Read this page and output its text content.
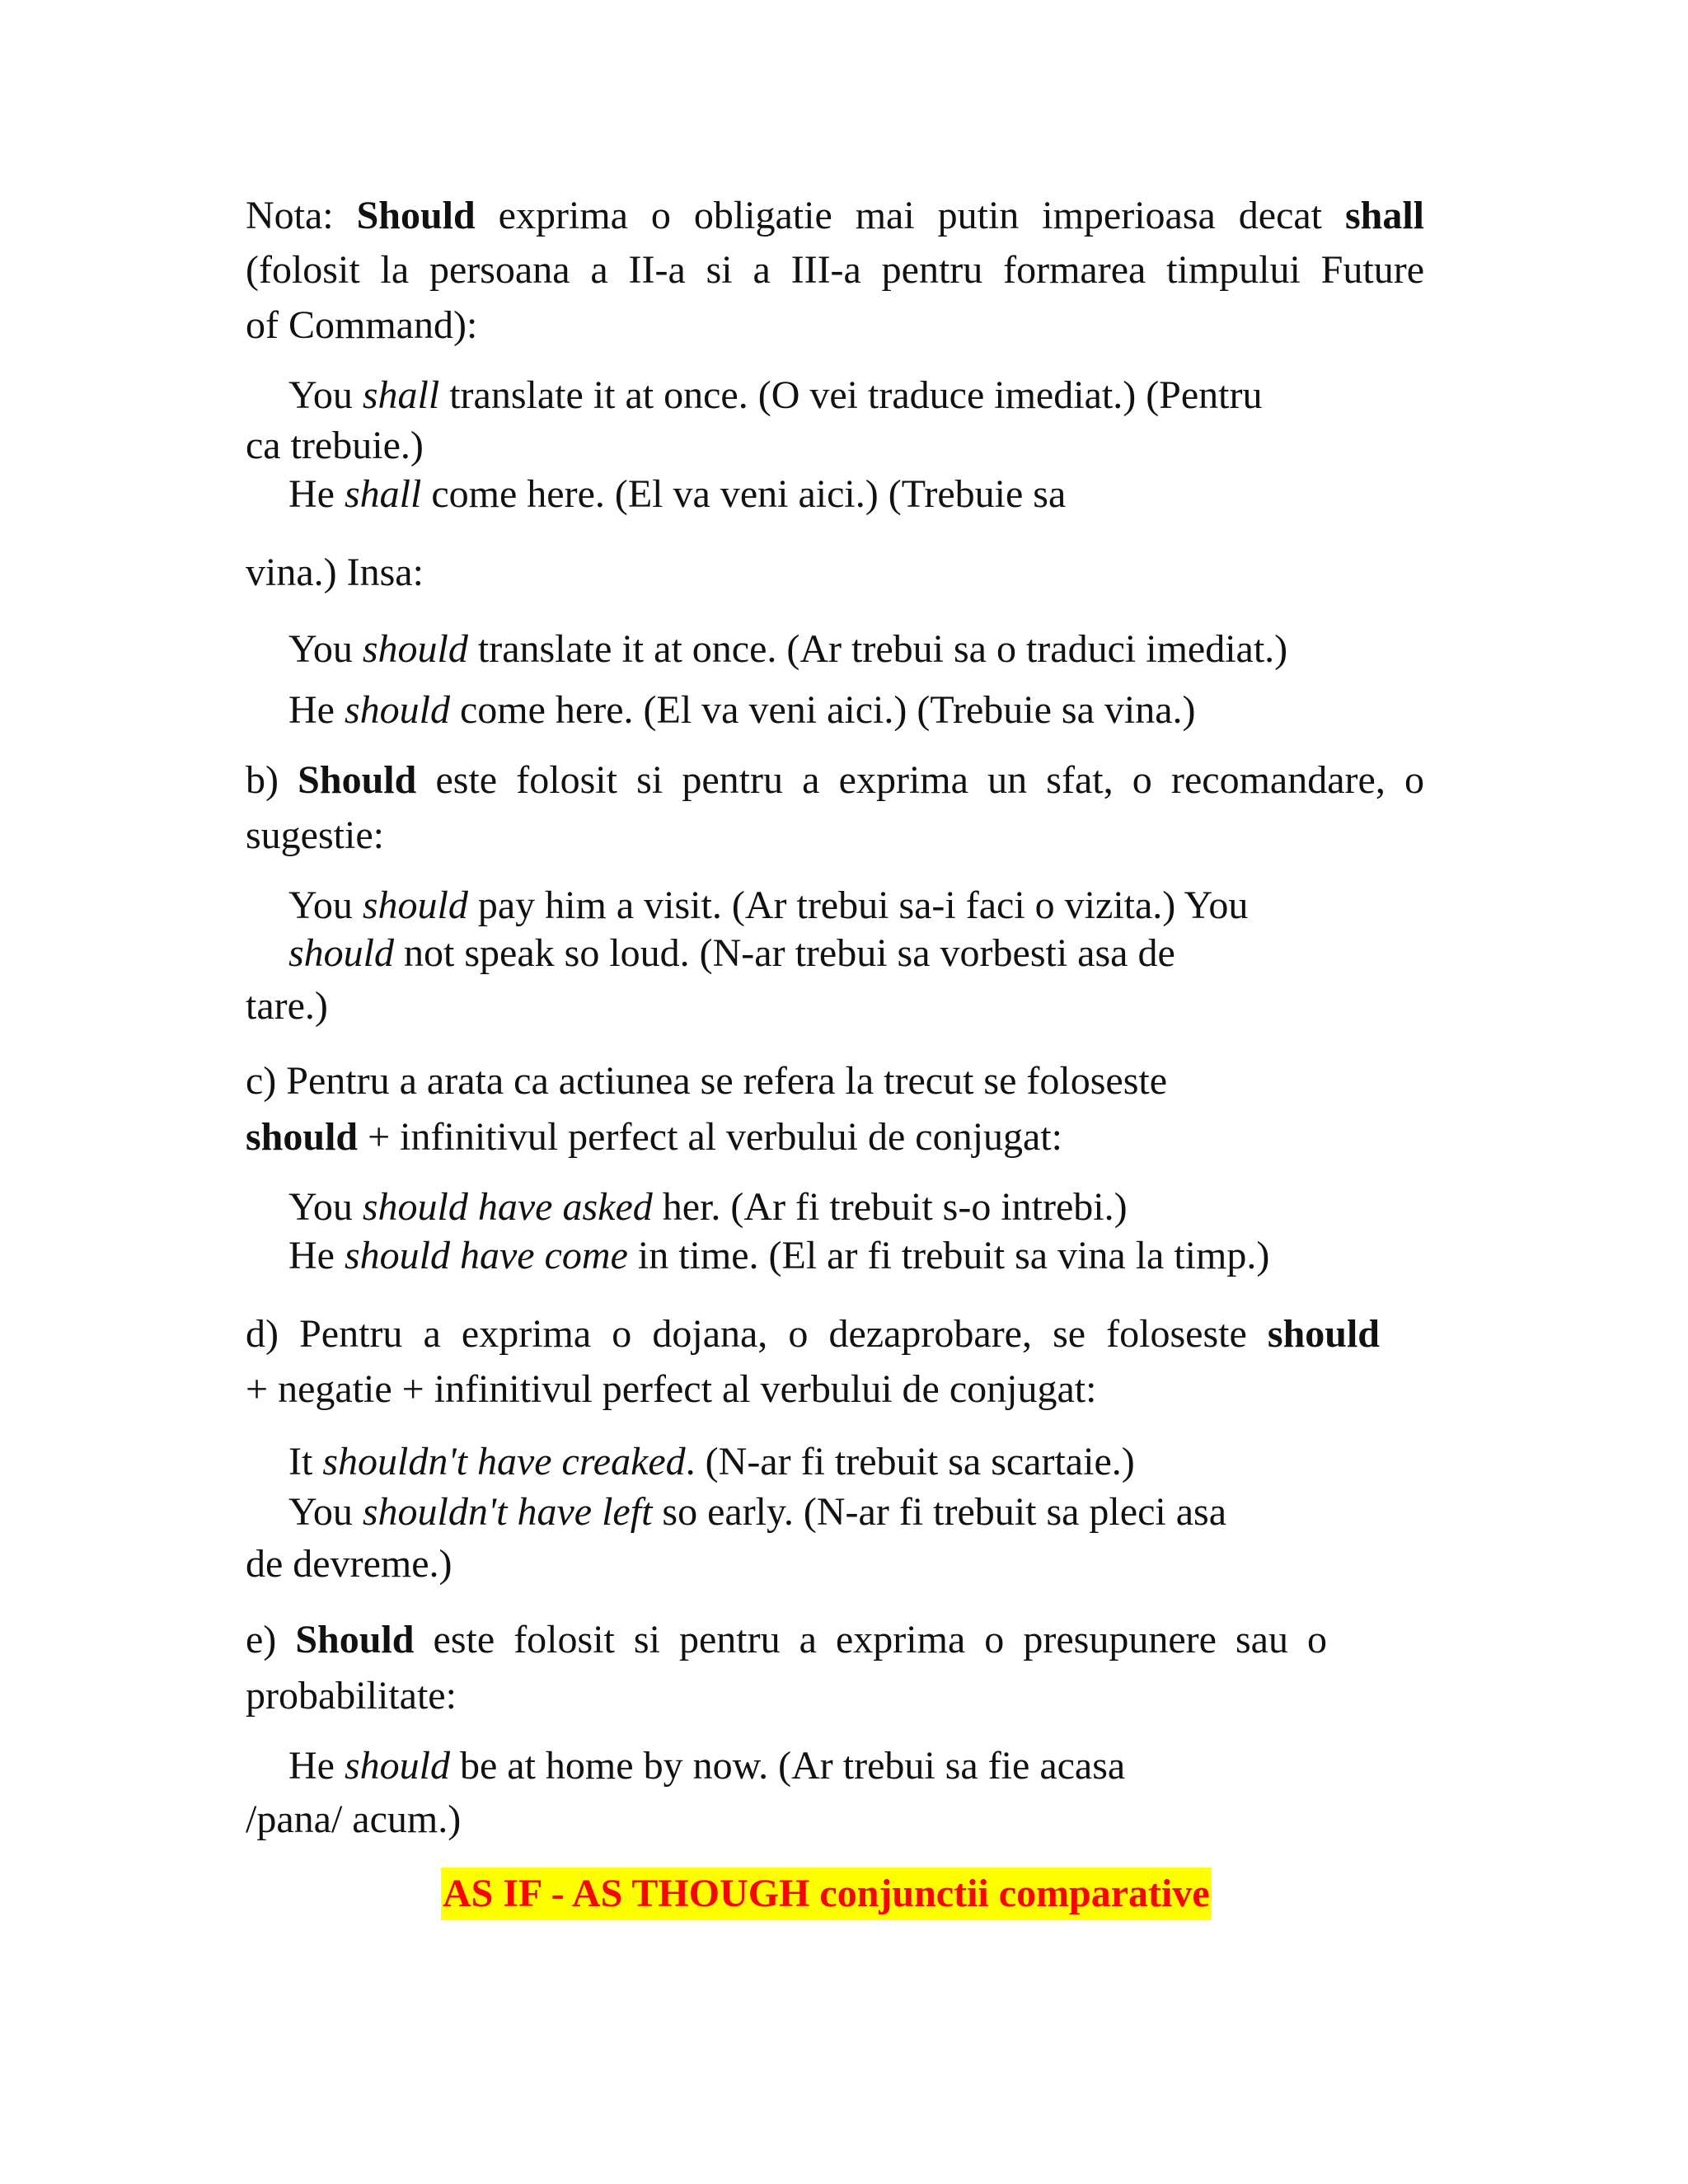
Nota: Should exprima o obligatie mai putin imperioasa decat shall

(folosit la persoana a II-a si a III-a pentru formarea timpului Future

of Command):

You shall translate it at once. (O vei traduce imediat.) (Pentru

ca trebuie.)

He shall come here. (El va veni aici.) (Trebuie sa

vina.) Insa:

You should translate it at once. (Ar trebui sa o traduci imediat.)

He should come here. (El va veni aici.) (Trebuie sa vina.)

b) Should este folosit si pentru a exprima un sfat, o recomandare, o

sugestie:

You should pay him a visit. (Ar trebui sa-i faci o vizita.) You

should not speak so loud. (N-ar trebui sa vorbesti asa de

tare.)

c) Pentru a arata ca actiunea se refera la trecut se foloseste

should + infinitivul perfect al verbului de conjugat:

You should have asked her. (Ar fi trebuit s-o intrebi.)

He should have come in time. (El ar fi trebuit sa vina la timp.)

d) Pentru a exprima o dojana, o dezaprobare, se foloseste should

+ negatie + infinitivul perfect al verbului de conjugat:

It shouldn't have creaked. (N-ar fi trebuit sa scartaie.)

You shouldn't have left so early. (N-ar fi trebuit sa pleci asa

de devreme.)

e) Should este folosit si pentru a exprima o presupunere sau o

probabilitate:

He should be at home by now. (Ar trebui sa fie acasa

/pana/ acum.)

AS IF - AS THOUGH conjunctii comparative
